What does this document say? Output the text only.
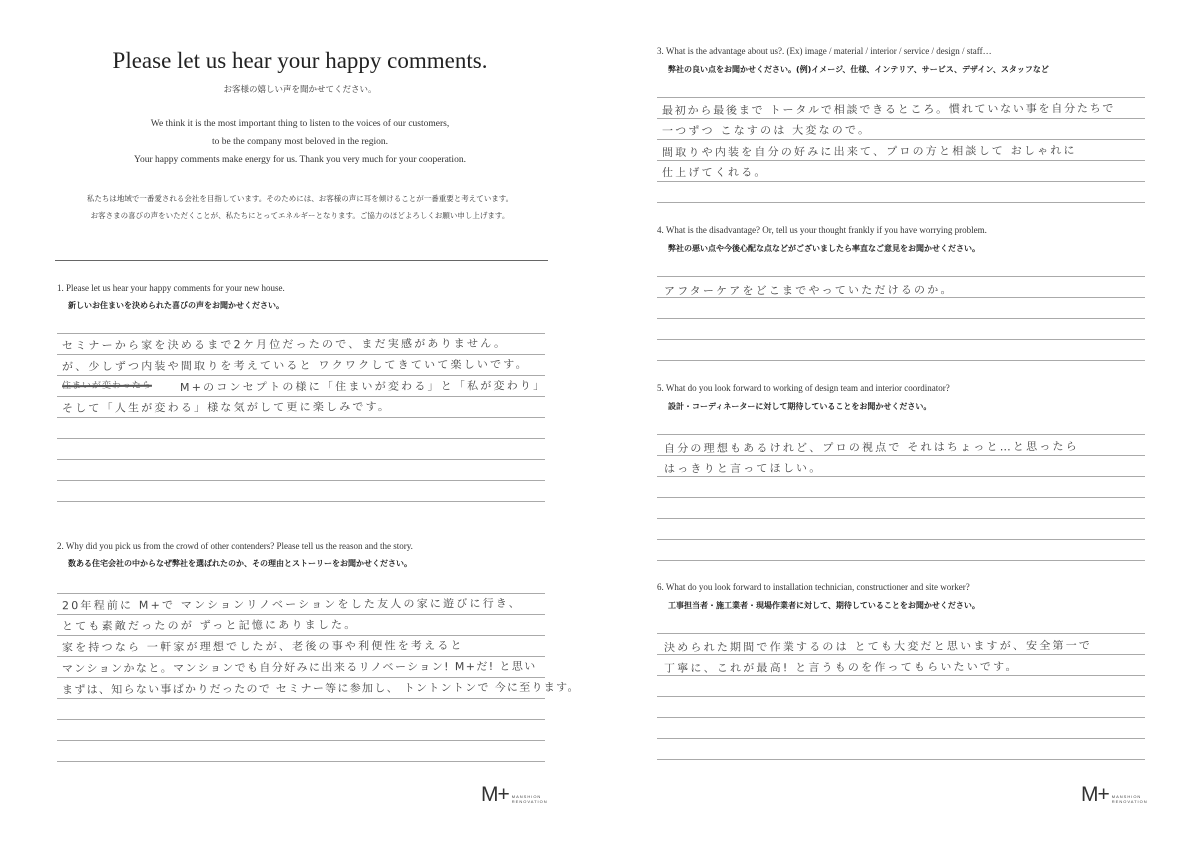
Please let us hear your happy comments.
お客様の嬉しい声を聞かせてください。
We think it is the most important thing to listen to the voices of our customers,
to be the company most beloved in the region.
Your happy comments make energy for us. Thank you very much for your cooperation.
私たちは地域で一番愛される会社を目指しています。そのためには、お客様の声に耳を傾けることが一番重要と考えています。
お客さまの喜びの声をいただくことが、私たちにとってエネルギーとなります。ご協力のほどよろしくお願い申し上げます。
1. Please let us hear your happy comments for your new house.
新しいお住まいを決められた喜びの声をお聞かせください。
セミナーから家を決めるまで2ケ月位だったので、まだ実感がありません。
が、少しずつ内装や間取りを考えていると ワクワクしてきていて楽しいです。
住まいが変わったら	M+のコンセプトの様に「住まいが変わる」と「私が変わり」
そして「人生が変わる」様な気がして更に楽しみです。
2. Why did you pick us from the crowd of other contenders? Please tell us the reason and the story.
数ある住宅会社の中からなぜ弊社を選ばれたのか、その理由とストーリーをお聞かせください。
20年程前に M+で マンションリノベーションをした友人の家に遊びに行き、
とても素敵だったのが ずっと記憶にありました。
家を持つなら 一軒家が理想でしたが、老後の事や利便性を考えると
マンションかなと。マンションでも自分好みに出来るリノベーション! M+だ! と思い
まずは、知らない事ばかりだったので セミナー等に参加し、 トントントンで 今に至ります。
M+ MANSHION
RENOVATION
3. What is the advantage about us?. (Ex) image / material / interior / service / design / staff…
弊社の良い点をお聞かせください。(例)イメージ、仕様、インテリア、サービス、デザイン、スタッフなど
最初から最後まで トータルで相談できるところ。慣れていない事を自分たちで
一つずつ こなすのは 大変なので。
間取りや内装を自分の好みに出来て、プロの方と相談して おしゃれに
仕上げてくれる。
4. What is the disadvantage? Or, tell us your thought frankly if you have worrying problem.
弊社の悪い点や今後心配な点などがございましたら率直なご意見をお聞かせください。
アフターケアをどこまでやっていただけるのか。
5. What do you look forward to working of design team and interior coordinator?
設計・コーディネーターに対して期待していることをお聞かせください。
自分の理想もあるけれど、プロの視点で それはちょっと…と思ったら
はっきりと言ってほしい。
6. What do you look forward to installation technician, constructioner and site worker?
工事担当者・施工業者・現場作業者に対して、期待していることをお聞かせください。
決められた期間で作業するのは とても大変だと思いますが、安全第一で
丁寧に、これが最高! と言うものを作ってもらいたいです。
M+ MANSHION
RENOVATION
